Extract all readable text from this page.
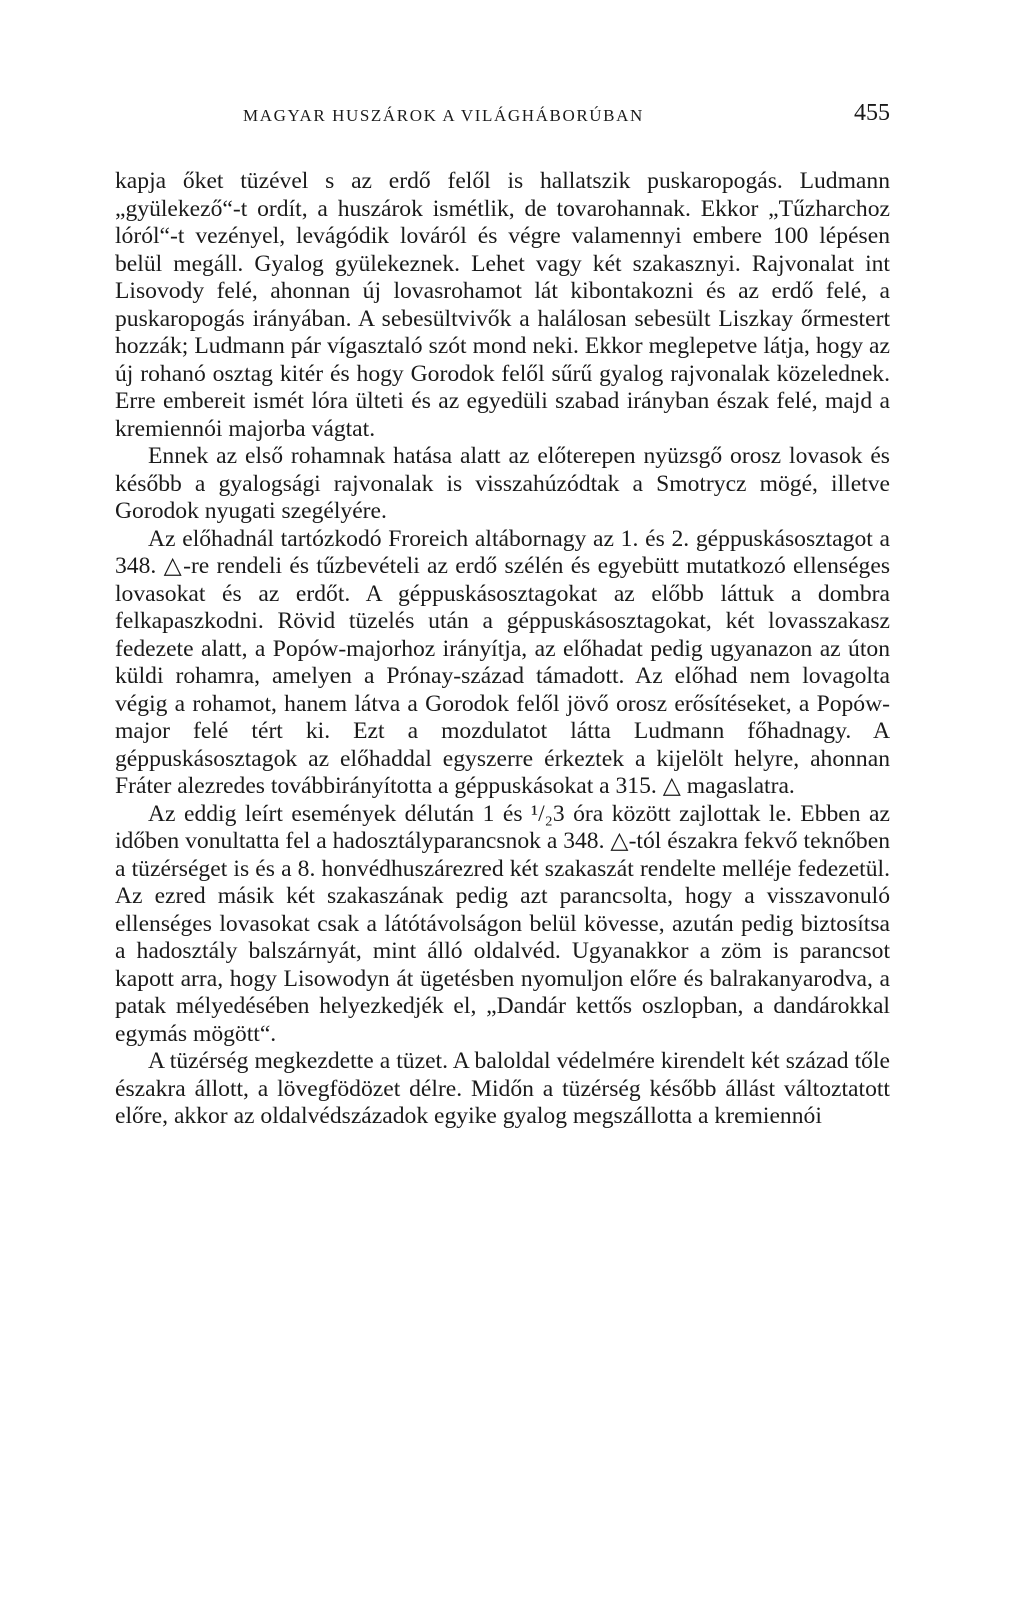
MAGYAR HUSZÁROK A VILÁGHÁBORÚBAN	455

kapja őket tüzével s az erdő felől is hallatszik puskaropogás. Ludmann „gyülekező“-t ordít, a huszárok ismétlik, de tovarohannak. Ekkor „Tűzharchoz lóról“-t vezényel, levágódik lováról és végre valamennyi embere 100 lépésen belül megáll. Gyalog gyülekeznek. Lehet vagy két szakasznyi. Rajvonalat int Lisovody felé, ahonnan új lovasrohamot lát kibontakozni és az erdő felé, a puskaropogás irányában. A sebesültvivők a halálosan sebesült Liszkay őrmestert hozzák; Ludmann pár vígasztaló szót mond neki. Ekkor meglepetve látja, hogy az új rohanó osztag kitér és hogy Gorodok felől sűrű gyalog rajvonalak közelednek. Erre embereit ismét lóra ülteti és az egyedüli szabad irányban észak felé, majd a kremiennói majorba vágtat.

Ennek az első rohamnak hatása alatt az előterepen nyüzsgő orosz lovasok és később a gyalogsági rajvonalak is visszahúzódtak a Smotrycz mögé, illetve Gorodok nyugati szegélyére.

Az előhadnál tartózkodó Froreich altábornagy az 1. és 2. géppuskásosztagot a 348. △-re rendeli és tűzbevételi az erdő szélén és egyebütt mutatkozó ellenséges lovasokat és az erdőt. A géppuskásosztagokat az előbb láttuk a dombra felkapaszkodni. Rövid tüzelés után a géppuskásosztagokat, két lovasszakasz fedezete alatt, a Popów-majorhoz irányítja, az előhadat pedig ugyanazon az úton küldi rohamra, amelyen a Prónay-század támadott. Az előhad nem lovagolta végig a rohamot, hanem látva a Gorodok felől jövő orosz erősítéseket, a Popów-major felé tért ki. Ezt a mozdulatot látta Ludmann főhadnagy. A géppuskásosztagok az előhaddal egyszerre érkeztek a kijelölt helyre, ahonnan Fráter alezredes továbbirányította a géppuskásokat a 315. △ magaslatra.

Az eddig leírt események délután 1 és ¹/₂3 óra között zajlottak le. Ebben az időben vonultatta fel a hadosztályparancsnok a 348. △-tól északra fekvő teknőben a tüzérséget is és a 8. honvédhuszárezred két szakaszát rendelte melléje fedezetül. Az ezred másik két szakaszának pedig azt parancsolta, hogy a visszavonuló ellenséges lovasokat csak a látótávolságon belül kövesse, azután pedig biztosítsa a hadosztály balszárnyát, mint álló oldalvéd. Ugyanakkor a zöm is parancsot kapott arra, hogy Lisowodyn át ügetésben nyomuljon előre és balrakanyarodva, a patak mélyedésében helyezkedjék el, „Dandár kettős oszlopban, a dandárokkal egymás mögött“.

A tüzérség megkezdette a tüzet. A baloldal védelmére kirendelt két század tőle északra állott, a lövegfödözet délre. Midőn a tüzérség később állást változtatott előre, akkor az oldalvédszázadok egyike gyalog megszállotta a kremiennói
